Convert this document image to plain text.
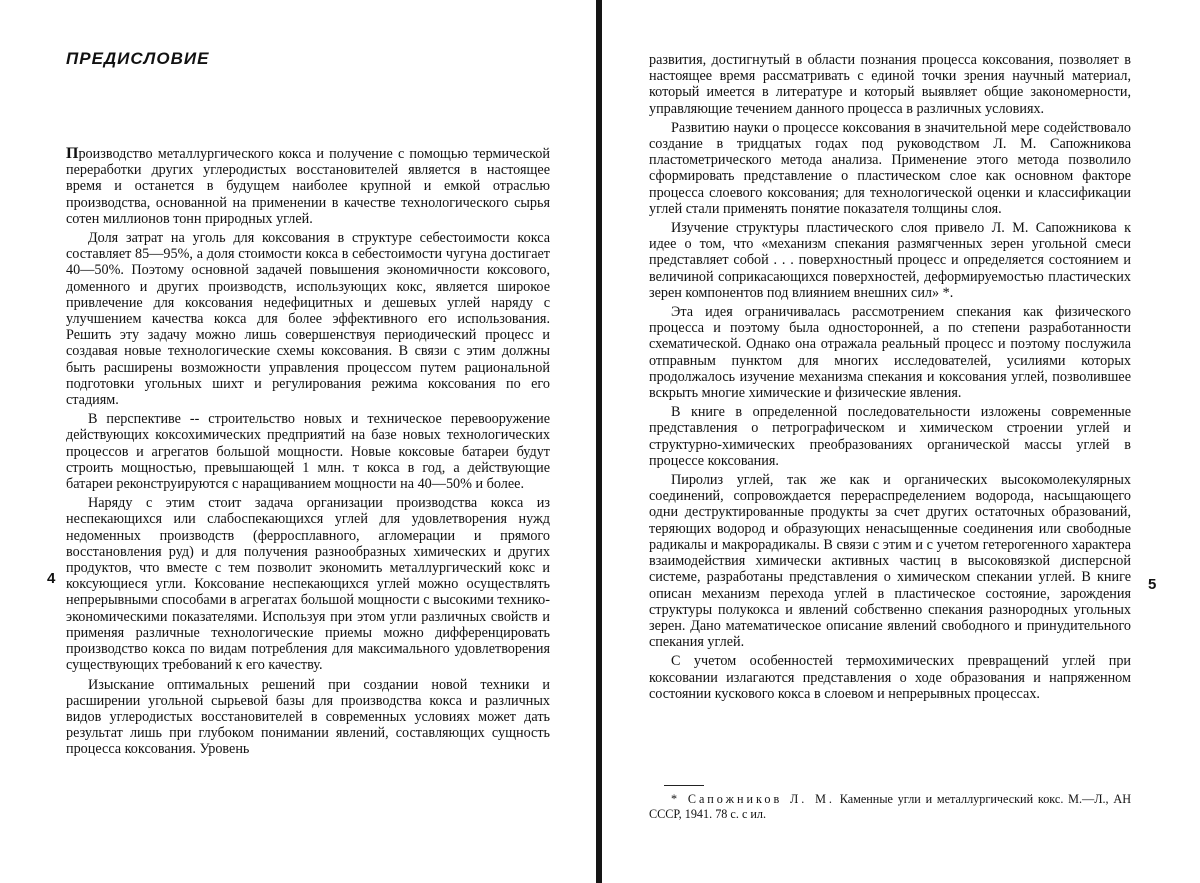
ПРЕДИСЛОВИЕ

Производство металлургического кокса и получение с помощью термической переработки других углеродистых восстановителей является в настоящее время и останется в будущем наиболее крупной и емкой отраслью производства, основанной на применении в качестве технологического сырья сотен миллионов тонн природных углей.

Доля затрат на уголь для коксования в структуре себестоимости кокса составляет 85—95%, а доля стоимости кокса в себестоимости чугуна достигает 40—50%. Поэтому основной задачей повышения экономичности коксового, доменного и других производств, использующих кокс, является широкое привлечение для коксования недефицитных и дешевых углей наряду с улучшением качества кокса для более эффективного его использования. Решить эту задачу можно лишь совершенствуя периодический процесс и создавая новые технологические схемы коксования. В связи с этим должны быть расширены возможности управления процессом путем рациональной подготовки угольных шихт и регулирования режима коксования по его стадиям.

В перспективе -- строительство новых и техническое перевооружение действующих коксохимических предприятий на базе новых технологических процессов и агрегатов большой мощности. Новые коксовые батареи будут строить мощностью, превышающей 1 млн. т кокса в год, а действующие батареи реконструируются с наращиванием мощности на 40—50% и более.

Наряду с этим стоит задача организации производства кокса из неспекающихся или слабоспекающихся углей для удовлетворения нужд недоменных производств (ферросплавного, агломерации и прямого восстановления руд) и для получения разнообразных химических и других продуктов, что вместе с тем позволит экономить металлургический кокс и коксующиеся угли. Коксование неспекающихся углей можно осуществлять непрерывными способами в агрегатах большой мощности с высокими технико-экономическими показателями. Используя при этом угли различных свойств и применяя различные технологические приемы можно дифференцировать производство кокса по видам потребления для максимального удовлетворения существующих требований к его качеству.

Изыскание оптимальных решений при создании новой техники и расширении угольной сырьевой базы для производства кокса и различных видов углеродистых восстановителей в современных условиях может дать результат лишь при глубоком понимании явлений, составляющих сущность процесса коксования. Уровень

4

развития, достигнутый в области познания процесса коксования, позволяет в настоящее время рассматривать с единой точки зрения научный материал, который имеется в литературе и который выявляет общие закономерности, управляющие течением данного процесса в различных условиях.

Развитию науки о процессе коксования в значительной мере содействовало создание в тридцатых годах под руководством Л. М. Сапожникова пластометрического метода анализа. Применение этого метода позволило сформировать представление о пластическом слое как основном факторе процесса слоевого коксования; для технологической оценки и классификации углей стали применять понятие показателя толщины слоя.

Изучение структуры пластического слоя привело Л. М. Сапожникова к идее о том, что «механизм спекания размягченных зерен угольной смеси представляет собой . . . поверхностный процесс и определяется состоянием и величиной соприкасающихся поверхностей, деформируемостью пластических зерен компонентов под влиянием внешних сил» *.

Эта идея ограничивалась рассмотрением спекания как физического процесса и поэтому была односторонней, а по степени разработанности схематической. Однако она отражала реальный процесс и поэтому послужила отправным пунктом для многих исследователей, усилиями которых продолжалось изучение механизма спекания и коксования углей, позволившее вскрыть многие химические и физические явления.

В книге в определенной последовательности изложены современные представления о петрографическом и химическом строении углей и структурно-химических преобразованиях органической массы углей в процессе коксования.

Пиролиз углей, так же как и органических высокомолекулярных соединений, сопровождается перераспределением водорода, насыщающего одни деструктированные продукты за счет других остаточных образований, теряющих водород и образующих ненасыщенные соединения или свободные радикалы и макрорадикалы. В связи с этим и с учетом гетерогенного характера взаимодействия химически активных частиц в высоковязкой дисперсной системе, разработаны представления о химическом спекании углей. В книге описан механизм перехода углей в пластическое состояние, зарождения структуры полукокса и явлений собственно спекания разнородных угольных зерен. Дано математическое описание явлений свободного и принудительного спекания углей.

С учетом особенностей термохимических превращений углей при коксовании излагаются представления о ходе образования и напряженном состоянии кускового кокса в слоевом и непрерывных процессах.

* Сапожников Л. М. Каменные угли и металлургический кокс. М.—Л., АН СССР, 1941. 78 с. с ил.
5
